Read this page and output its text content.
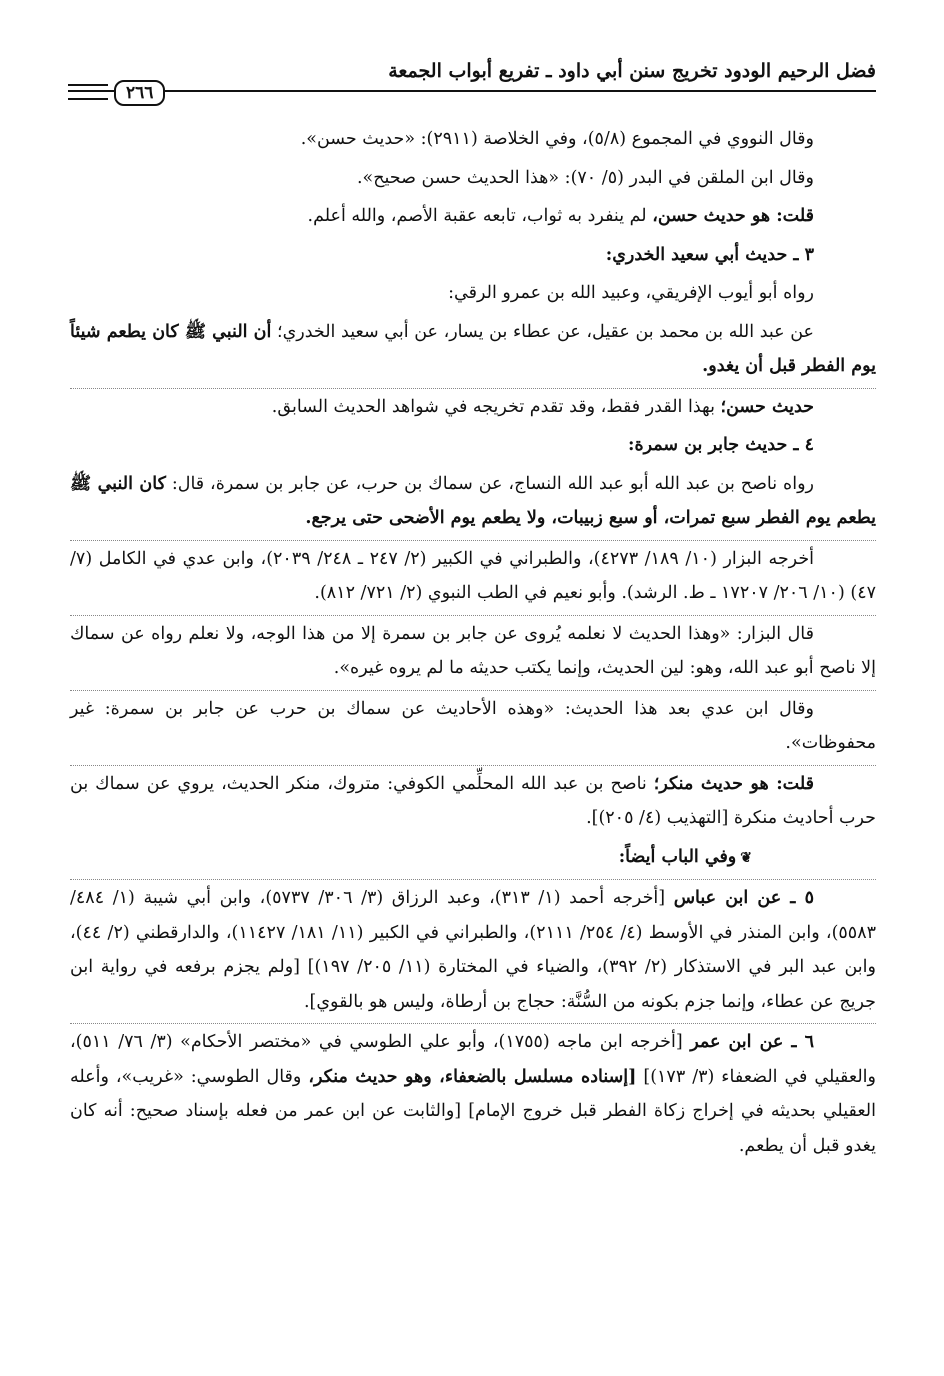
فضل الرحيم الودود تخريج سنن أبي داود ـ تفريع أبواب الجمعة
٢٦٦

وقال النووي في المجموع (٥/٨)، وفي الخلاصة (٢٩١١): «حديث حسن».

وقال ابن الملقن في البدر (٥/ ٧٠): «هذا الحديث حسن صحيح».

قلت: هو حديث حسن، لم ينفرد به ثواب، تابعه عقبة الأصم، والله أعلم.

٣ ـ حديث أبي سعيد الخدري:

رواه أبو أيوب الإفريقي، وعبيد الله بن عمرو الرقي:

عن عبد الله بن محمد بن عقيل، عن عطاء بن يسار، عن أبي سعيد الخدري؛ أن النبي ﷺ كان يطعم شيئاً يوم الفطر قبل أن يغدو.

حديث حسن؛ بهذا القدر فقط، وقد تقدم تخريجه في شواهد الحديث السابق.

٤ ـ حديث جابر بن سمرة:

رواه ناصح بن عبد الله أبو عبد الله النساج، عن سماك بن حرب، عن جابر بن سمرة، قال: كان النبي ﷺ يطعم يوم الفطر سبع تمرات، أو سبع زبيبات، ولا يطعم يوم الأضحى حتى يرجع.

أخرجه البزار (١٠/ ١٨٩/ ٤٢٧٣)، والطبراني في الكبير (٢/ ٢٤٧ ـ ٢٤٨/ ٢٠٣٩)، وابن عدي في الكامل (٧/ ٤٧) (١٠/ ٢٠٦/ ١٧٢٠٧ ـ ط. الرشد). وأبو نعيم في الطب النبوي (٢/ ٧٢١/ ٨١٢).

قال البزار: «وهذا الحديث لا نعلمه يُروى عن جابر بن سمرة إلا من هذا الوجه، ولا نعلم رواه عن سماك إلا ناصح أبو عبد الله، وهو: لين الحديث، وإنما يكتب حديثه ما لم يروه غيره».

وقال ابن عدي بعد هذا الحديث: «وهذه الأحاديث عن سماك بن حرب عن جابر بن سمرة: غير محفوظات».

قلت: هو حديث منكر؛ ناصح بن عبد الله المحلِّمي الكوفي: متروك، منكر الحديث، يروي عن سماك بن حرب أحاديث منكرة [التهذيب (٤/ ٢٠٥)].

❦وفي الباب أيضاً:

٥ ـ عن ابن عباس [أخرجه أحمد (١/ ٣١٣)، وعبد الرزاق (٣/ ٣٠٦/ ٥٧٣٧)، وابن أبي شيبة (١/ ٤٨٤/ ٥٥٨٣)، وابن المنذر في الأوسط (٤/ ٢٥٤/ ٢١١١)، والطبراني في الكبير (١١/ ١٨١/ ١١٤٢٧)، والدارقطني (٢/ ٤٤)، وابن عبد البر في الاستذكار (٢/ ٣٩٢)، والضياء في المختارة (١١/ ٢٠٥/ ١٩٧)] [ولم يجزم برفعه في رواية ابن جريج عن عطاء، وإنما جزم بكونه من السُّنَّة: حجاج بن أرطاة، وليس هو بالقوي].

٦ ـ عن ابن عمر [أخرجه ابن ماجه (١٧٥٥)، وأبو علي الطوسي في «مختصر الأحكام» (٣/ ٧٦/ ٥١١)، والعقيلي في الضعفاء (٣/ ١٧٣)] [إسناده مسلسل بالضعفاء، وهو حديث منكر، وقال الطوسي: «غريب»، وأعله العقيلي بحديثه في إخراج زكاة الفطر قبل خروج الإمام] [والثابت عن ابن عمر من فعله بإسناد صحيح: أنه كان يغدو قبل أن يطعم.
